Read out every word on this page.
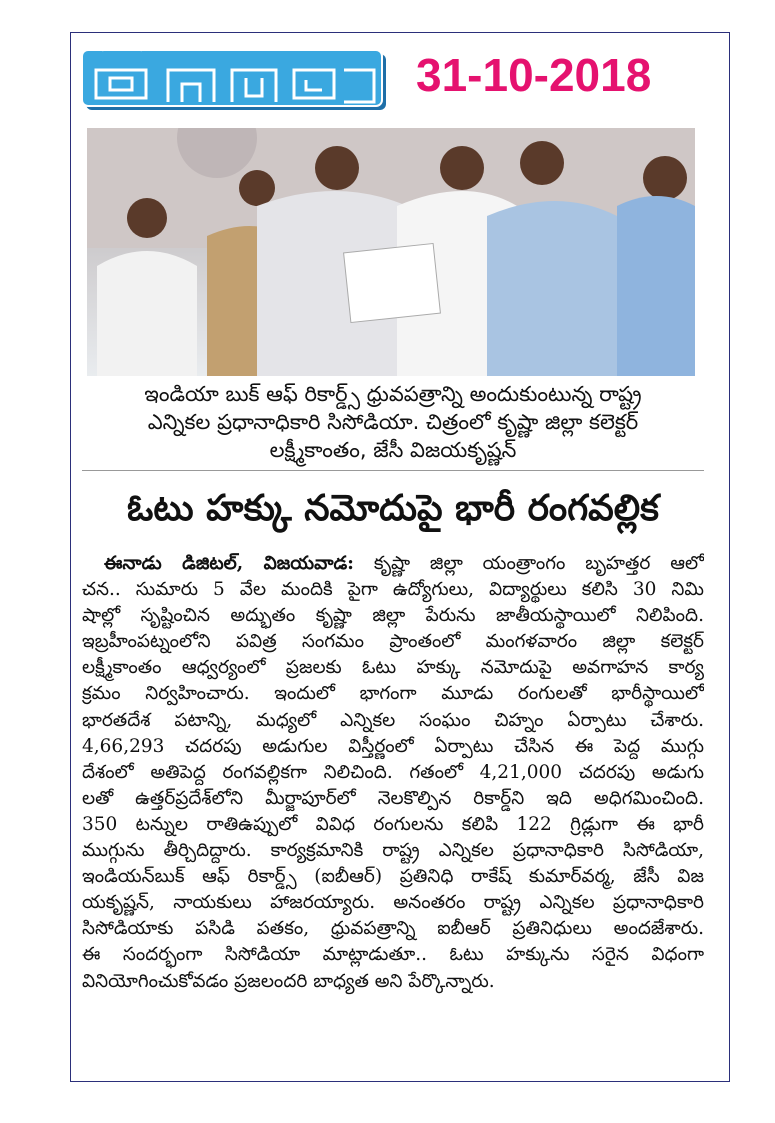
31-10-2018
ఇండియా బుక్ ఆఫ్ రికార్డ్స్ ధ్రువపత్రాన్ని అందుకుంటున్న రాష్ట్ర
ఎన్నికల ప్రధానాధికారి సిసోడియా. చిత్రంలో కృష్ణా జిల్లా కలెక్టర్
లక్ష్మీకాంతం, జేసీ విజయకృష్ణన్
ఓటు హక్కు నమోదుపై భారీ రంగవల్లిక
ఈనాడు డిజిటల్, విజయవాడ: కృష్ణా జిల్లా యంత్రాంగం బృహత్తర ఆలో
చన.. సుమారు 5 వేల మందికి పైగా ఉద్యోగులు, విద్యార్థులు కలిసి 30 నిమి
షాల్లో సృష్టించిన అద్భుతం కృష్ణా జిల్లా పేరును జాతీయస్థాయిలో నిలిపింది.
ఇబ్రహీంపట్నంలోని పవిత్ర సంగమం ప్రాంతంలో మంగళవారం జిల్లా కలెక్టర్
లక్ష్మీకాంతం ఆధ్వర్యంలో ప్రజలకు ఓటు హక్కు నమోదుపై అవగాహన కార్య
క్రమం నిర్వహించారు. ఇందులో భాగంగా మూడు రంగులతో భారీస్థాయిలో
భారతదేశ పటాన్ని, మధ్యలో ఎన్నికల సంఘం చిహ్నం ఏర్పాటు చేశారు.
4,66,293 చదరపు అడుగుల విస్తీర్ణంలో ఏర్పాటు చేసిన ఈ పెద్ద ముగ్గు
దేశంలో అతిపెద్ద రంగవల్లికగా నిలిచింది. గతంలో 4,21,000 చదరపు అడుగు
లతో ఉత్తర్‌ప్రదేశ్‌లోని మీర్జాపూర్‌లో నెలకొల్పిన రికార్డ్‌ని ఇది అధిగమించింది.
350 టన్నుల రాతిఉప్పులో వివిధ రంగులను కలిపి 122 గ్రిడ్లుగా ఈ భారీ
ముగ్గును తీర్చిదిద్దారు. కార్యక్రమానికి రాష్ట్ర ఎన్నికల ప్రధానాధికారి సిసోడియా,
ఇండియన్‌బుక్ ఆఫ్ రికార్డ్స్ (ఐబీఆర్) ప్రతినిధి రాకేష్ కుమార్‌వర్మ, జేసీ విజ
యకృష్ణన్, నాయకులు హాజరయ్యారు. అనంతరం రాష్ట్ర ఎన్నికల ప్రధానాధికారి
సిసోడియాకు పసిడి పతకం, ధ్రువపత్రాన్ని ఐబీఆర్ ప్రతినిధులు అందజేశారు.
ఈ సందర్భంగా సిసోడియా మాట్లాడుతూ.. ఓటు హక్కును సరైన విధంగా
వినియోగించుకోవడం ప్రజలందరి బాధ్యత అని పేర్కొన్నారు.
